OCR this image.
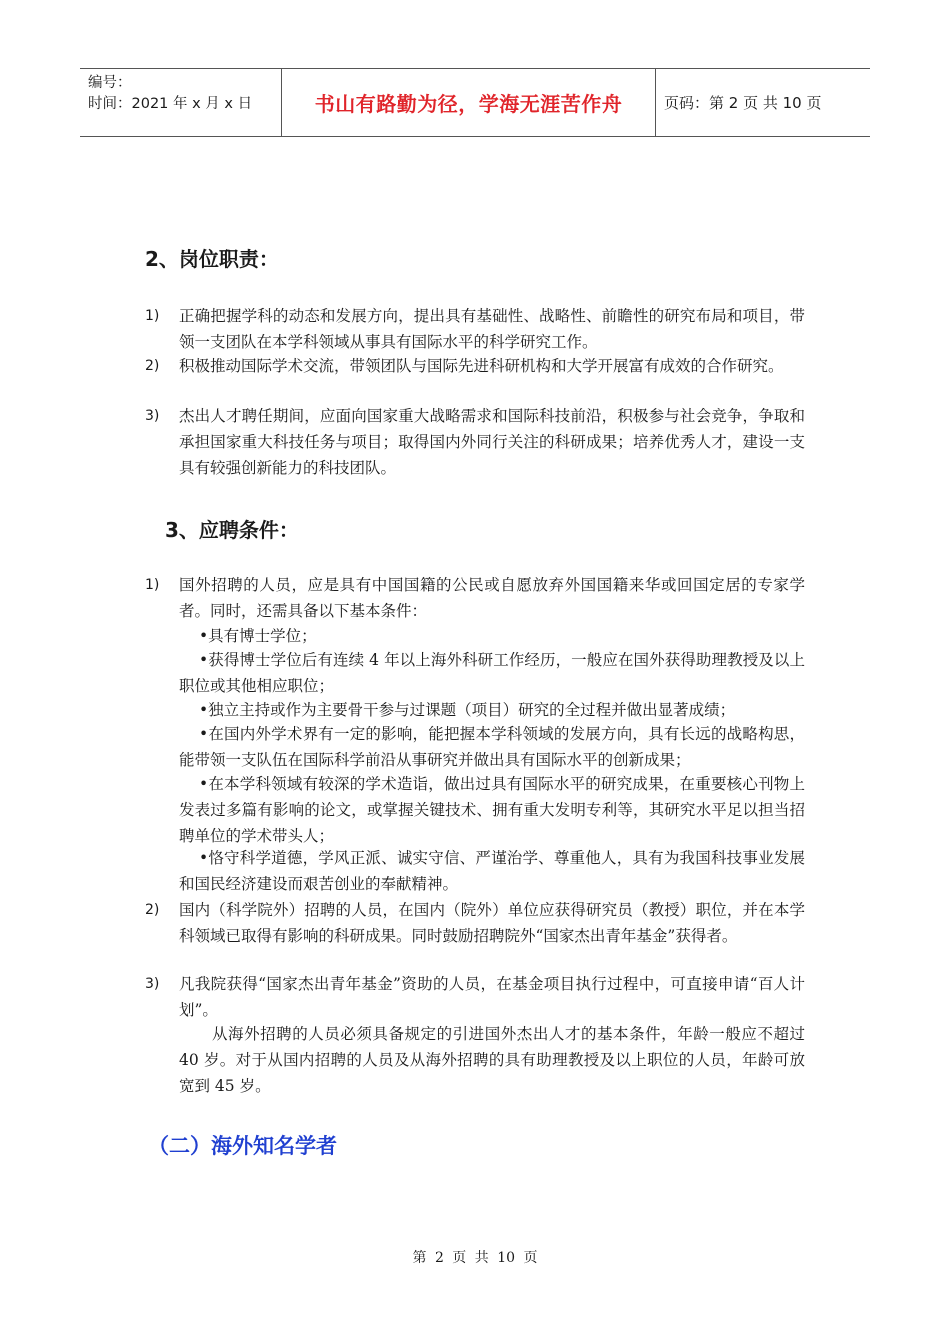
编号：
时间：2021 年 x 月 x 日	书山有路勤为径，学海无涯苦作舟	页码：第 2 页 共 10 页
2、岗位职责：
1)	正确把握学科的动态和发展方向，提出具有基础性、战略性、前瞻性的研究布局和项目，带领一支团队在本学科领域从事具有国际水平的科学研究工作。
2)	积极推动国际学术交流，带领团队与国际先进科研机构和大学开展富有成效的合作研究。
3)	杰出人才聘任期间，应面向国家重大战略需求和国际科技前沿，积极参与社会竞争，争取和承担国家重大科技任务与项目；取得国内外同行关注的科研成果；培养优秀人才，建设一支具有较强创新能力的科技团队。
3、应聘条件：
1)	国外招聘的人员，应是具有中国国籍的公民或自愿放弃外国国籍来华或回国定居的专家学者。同时，还需具备以下基本条件：
•具有博士学位；
•获得博士学位后有连续 4 年以上海外科研工作经历，一般应在国外获得助理教授及以上职位或其他相应职位；
•独立主持或作为主要骨干参与过课题（项目）研究的全过程并做出显著成绩；
•在国内外学术界有一定的影响，能把握本学科领域的发展方向，具有长远的战略构思，能带领一支队伍在国际科学前沿从事研究并做出具有国际水平的创新成果；
•在本学科领域有较深的学术造诣，做出过具有国际水平的研究成果，在重要核心刊物上发表过多篇有影响的论文，或掌握关键技术、拥有重大发明专利等，其研究水平足以担当招聘单位的学术带头人；
•恪守科学道德，学风正派、诚实守信、严谨治学、尊重他人，具有为我国科技事业发展和国民经济建设而艰苦创业的奉献精神。
2)	国内（科学院外）招聘的人员，在国内（院外）单位应获得研究员（教授）职位，并在本学科领域已取得有影响的科研成果。同时鼓励招聘院外“国家杰出青年基金”获得者。
3)	凡我院获得“国家杰出青年基金”资助的人员，在基金项目执行过程中，可直接申请“百人计划”。
从海外招聘的人员必须具备规定的引进国外杰出人才的基本条件，年龄一般应不超过 40 岁。对于从国内招聘的人员及从海外招聘的具有助理教授及以上职位的人员，年龄可放宽到 45 岁。
（二）海外知名学者
第 2 页 共 10 页
